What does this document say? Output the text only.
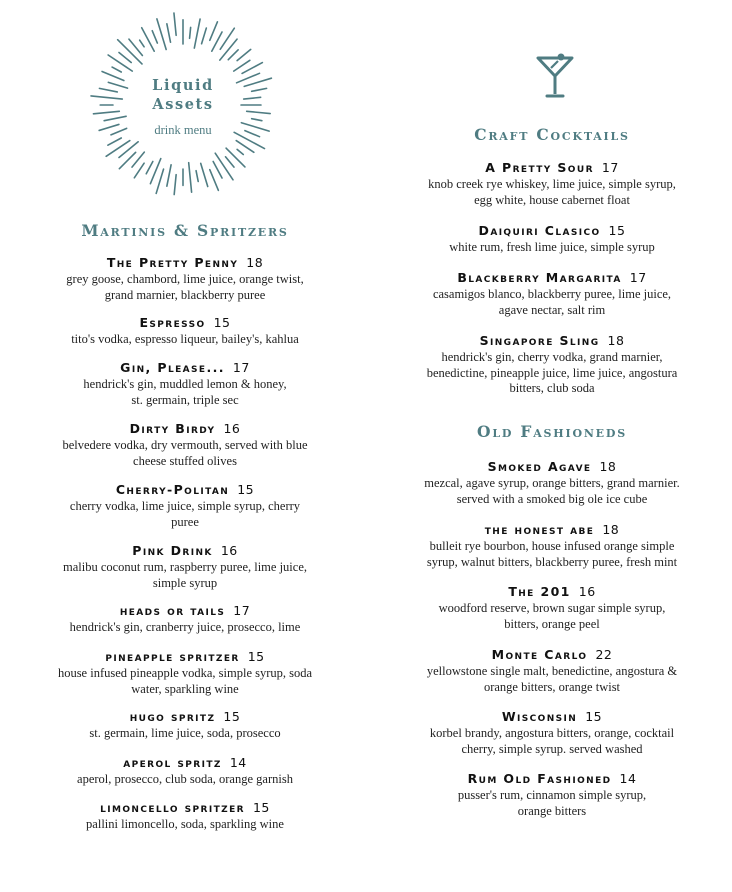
Liquid
Assets
drink menu
Martinis & Spritzers
Craft Cocktails
Old Fashioneds
The Pretty Penny 18
grey goose, chambord, lime juice, orange twist,
grand marnier, blackberry puree
Espresso 15
tito's vodka, espresso liqueur, bailey's, kahlua
Gin, Please... 17
hendrick's gin, muddled lemon & honey,
st. germain, triple sec
Dirty Birdy 16
belvedere vodka, dry vermouth, served with blue
cheese stuffed olives
Cherry-Politan 15
cherry vodka, lime juice, simple syrup, cherry
puree
Pink Drink 16
malibu coconut rum, raspberry puree, lime juice,
simple syrup
heads or tails 17
hendrick's gin, cranberry juice, prosecco, lime
pineapple spritzer 15
house infused pineapple vodka, simple syrup, soda
water, sparkling wine
hugo spritz 15
st. germain, lime juice, soda, prosecco
aperol spritz 14
aperol, prosecco, club soda, orange garnish
limoncello spritzer 15
pallini limoncello, soda, sparkling wine
A Pretty Sour 17
knob creek rye whiskey, lime juice, simple syrup,
egg white, house cabernet float
Daiquiri Clasico 15
white rum, fresh lime juice, simple syrup
Blackberry Margarita 17
casamigos blanco, blackberry puree, lime juice,
agave nectar, salt rim
Singapore Sling 18
hendrick's gin, cherry vodka, grand marnier,
benedictine, pineapple juice, lime juice, angostura
bitters, club soda
Smoked Agave 18
mezcal, agave syrup, orange bitters, grand marnier.
served with a smoked big ole ice cube
the honest abe 18
bulleit rye bourbon, house infused orange simple
syrup, walnut bitters, blackberry puree, fresh mint
The 201 16
woodford reserve, brown sugar simple syrup,
bitters, orange peel
Monte Carlo 22
yellowstone single malt, benedictine, angostura &
orange bitters, orange twist
Wisconsin 15
korbel brandy, angostura bitters, orange, cocktail
cherry, simple syrup. served washed
Rum Old Fashioned 14
pusser's rum, cinnamon simple syrup,
orange bitters
